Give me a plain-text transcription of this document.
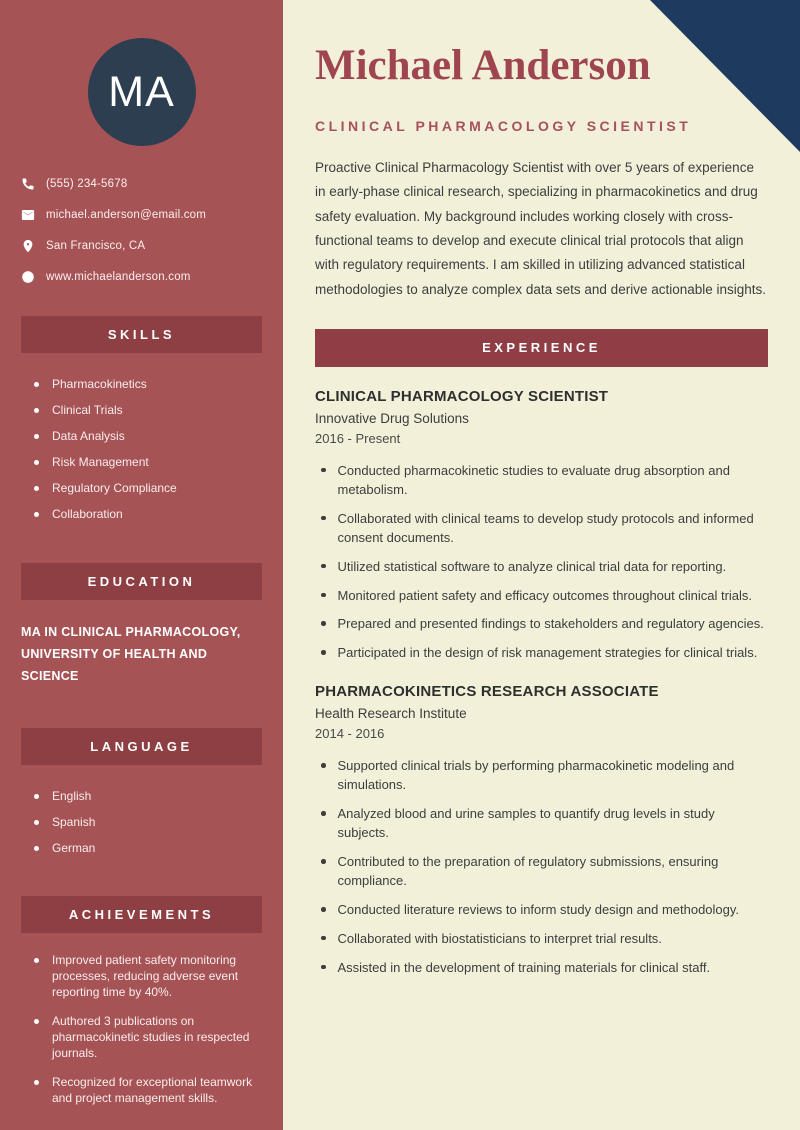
MA
(555) 234-5678
michael.anderson@email.com
San Francisco, CA
www.michaelanderson.com
SKILLS
Pharmacokinetics
Clinical Trials
Data Analysis
Risk Management
Regulatory Compliance
Collaboration
EDUCATION
MA IN CLINICAL PHARMACOLOGY, UNIVERSITY OF HEALTH AND SCIENCE
LANGUAGE
English
Spanish
German
ACHIEVEMENTS
Improved patient safety monitoring processes, reducing adverse event reporting time by 40%.
Authored 3 publications on pharmacokinetic studies in respected journals.
Recognized for exceptional teamwork and project management skills.
Michael Anderson
CLINICAL PHARMACOLOGY SCIENTIST

Proactive Clinical Pharmacology Scientist with over 5 years of experience in early-phase clinical research, specializing in pharmacokinetics and drug safety evaluation. My background includes working closely with cross-functional teams to develop and execute clinical trial protocols that align with regulatory requirements. I am skilled in utilizing advanced statistical methodologies to analyze complex data sets and derive actionable insights.

EXPERIENCE
CLINICAL PHARMACOLOGY SCIENTIST
Innovative Drug Solutions
2016 - Present
Conducted pharmacokinetic studies to evaluate drug absorption and metabolism.
Collaborated with clinical teams to develop study protocols and informed consent documents.
Utilized statistical software to analyze clinical trial data for reporting.
Monitored patient safety and efficacy outcomes throughout clinical trials.
Prepared and presented findings to stakeholders and regulatory agencies.
Participated in the design of risk management strategies for clinical trials.
PHARMACOKINETICS RESEARCH ASSOCIATE
Health Research Institute
2014 - 2016
Supported clinical trials by performing pharmacokinetic modeling and simulations.
Analyzed blood and urine samples to quantify drug levels in study subjects.
Contributed to the preparation of regulatory submissions, ensuring compliance.
Conducted literature reviews to inform study design and methodology.
Collaborated with biostatisticians to interpret trial results.
Assisted in the development of training materials for clinical staff.
